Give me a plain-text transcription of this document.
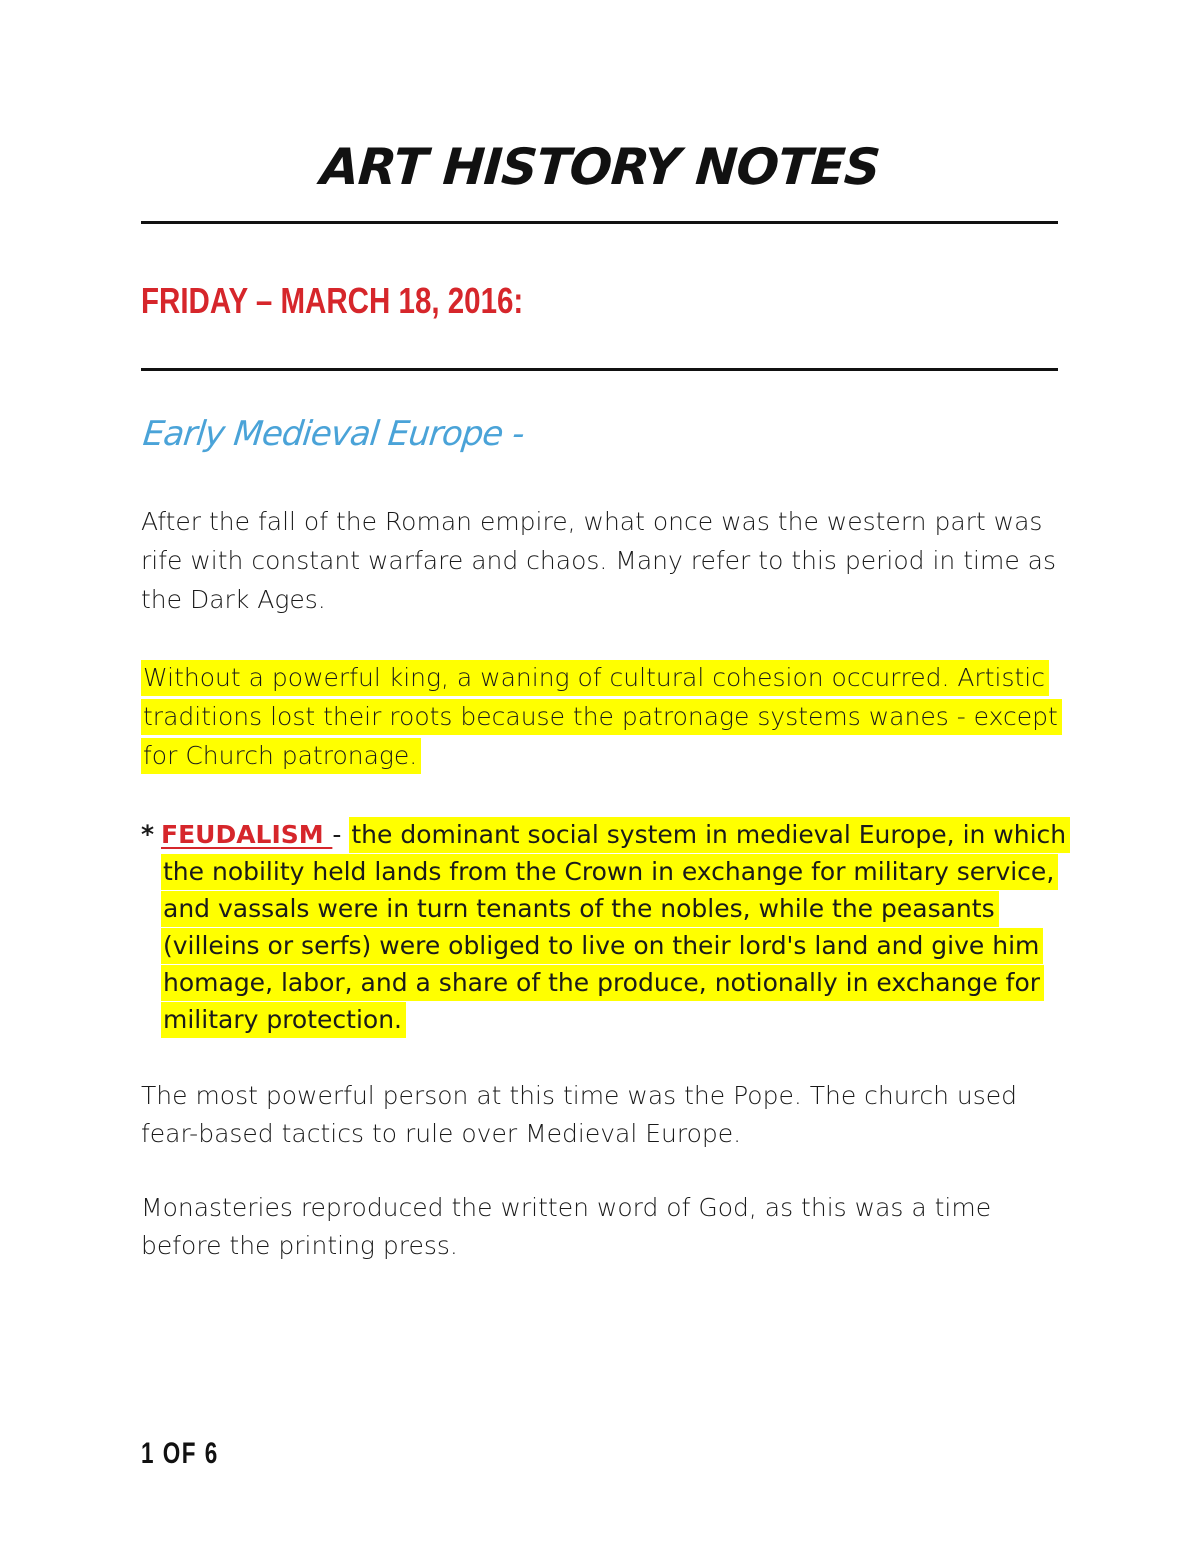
ART HISTORY NOTES
FRIDAY – MARCH 18, 2016:
Early Medieval Europe -
After the fall of the Roman empire, what once was the western part was rife with constant warfare and chaos. Many refer to this period in time as the Dark Ages.
Without a powerful king, a waning of cultural cohesion occurred. Artistic traditions lost their roots because the patronage systems wanes - except for Church patronage.
* FEUDALISM - the dominant social system in medieval Europe, in which the nobility held lands from the Crown in exchange for military service, and vassals were in turn tenants of the nobles, while the peasants (villeins or serfs) were obliged to live on their lord's land and give him homage, labor, and a share of the produce, notionally in exchange for military protection.
The most powerful person at this time was the Pope. The church used fear-based tactics to rule over Medieval Europe.
Monasteries reproduced the written word of God, as this was a time before the printing press.
1 OF 6
